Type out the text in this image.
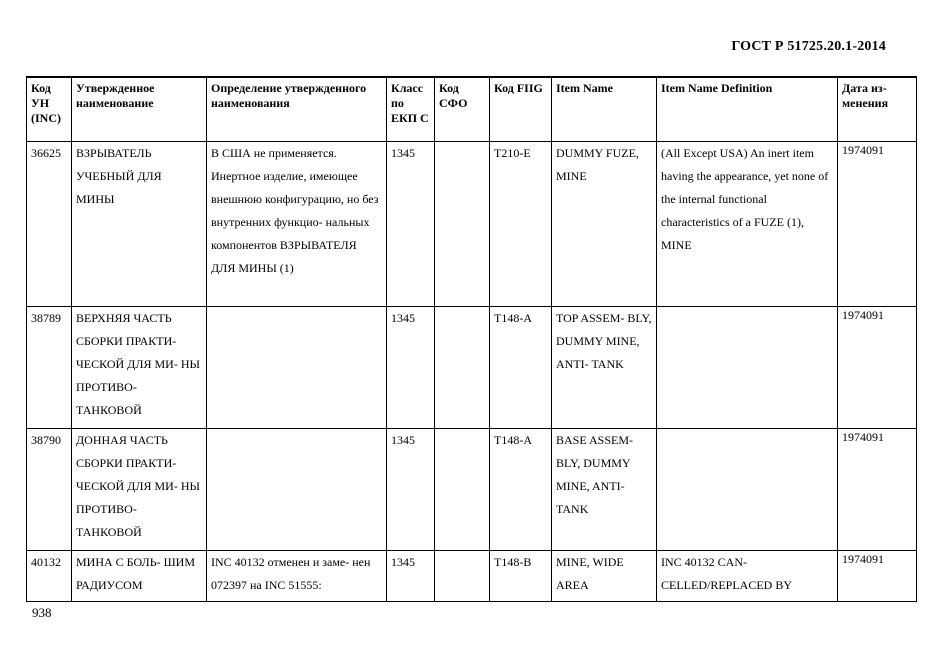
ГОСТ Р 51725.20.1-2014
Код УН (INC)	Утвержденное наименование	Определение утвержденного наименования	Класс по ЕКП С	Код СФО	Код FIIG	Item Name	Item Name Definition	Дата из- менения
36625	ВЗРЫВАТЕЛЬ УЧЕБНЫЙ ДЛЯ МИНЫ	В США не применяется. Инертное изделие, имеющее внешнюю конфигурацию, но без внутренних функцио- нальных компонентов ВЗРЫВАТЕЛЯ ДЛЯ МИНЫ (1)	1345		T210-E	DUMMY FUZE, MINE	(All Except USA) An inert item having the appearance, yet none of the internal functional characteristics of a FUZE (1), MINE	1974091
38789	ВЕРХНЯЯ ЧАСТЬ СБОРКИ ПРАКТИ- ЧЕСКОЙ ДЛЯ МИ- НЫ ПРОТИВО- ТАНКОВОЙ		1345		T148-A	TOP ASSEM- BLY, DUMMY MINE, ANTI- TANK		1974091
38790	ДОННАЯ ЧАСТЬ СБОРКИ ПРАКТИ- ЧЕСКОЙ ДЛЯ МИ- НЫ ПРОТИВО- ТАНКОВОЙ		1345		T148-A	BASE ASSEM- BLY, DUMMY MINE, ANTI- TANK		1974091
40132	МИНА С БОЛЬ- ШИМ РАДИУСОМ	INC 40132 отменен и заме- нен 072397 на INC 51555:	1345		T148-B	MINE, WIDE AREA	INC 40132 CAN- CELLED/REPLACED BY	1974091
938
